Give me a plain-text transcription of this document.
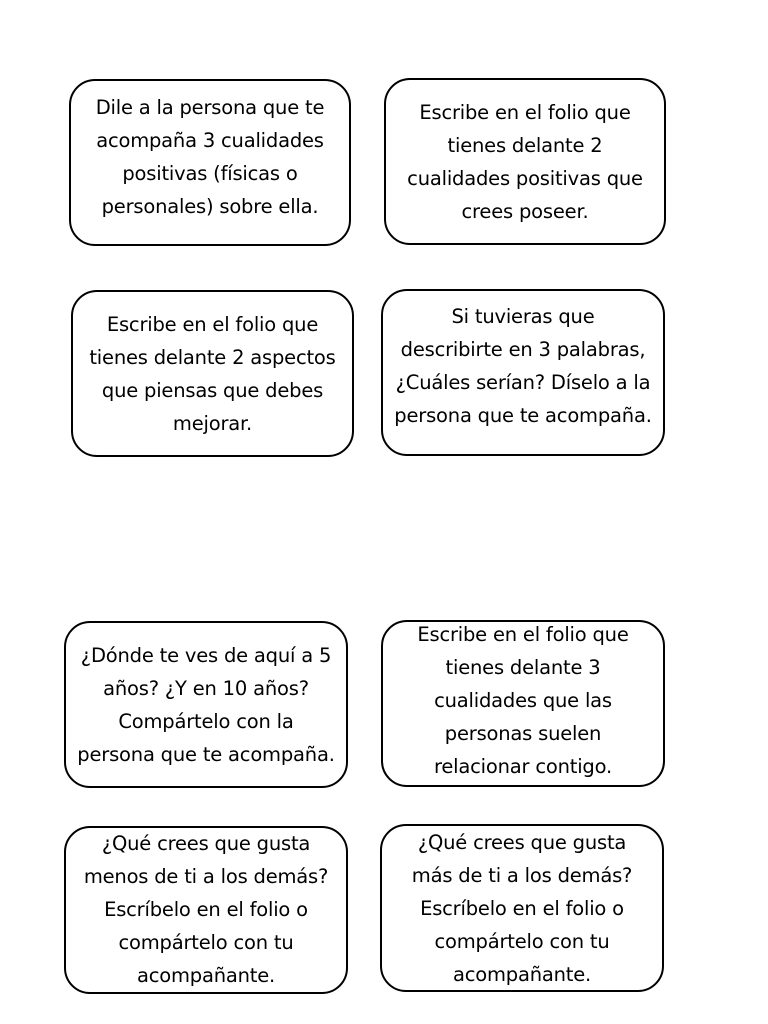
Dile a la persona que te
acompaña 3 cualidades
positivas (físicas o
personales) sobre ella.
Escribe en el folio que
tienes delante 2
cualidades positivas que
crees poseer.
Escribe en el folio que
tienes delante 2 aspectos
que piensas que debes
mejorar.
Si tuvieras que
describirte en 3 palabras,
¿Cuáles serían? Díselo a la
persona que te acompaña.
¿Dónde te ves de aquí a 5
años? ¿Y en 10 años?
Compártelo con la
persona que te acompaña.
Escribe en el folio que
tienes delante 3
cualidades que las
personas suelen
relacionar contigo.
¿Qué crees que gusta
menos de ti a los demás?
Escríbelo en el folio o
compártelo con tu
acompañante.
¿Qué crees que gusta
más de ti a los demás?
Escríbelo en el folio o
compártelo con tu
acompañante.
